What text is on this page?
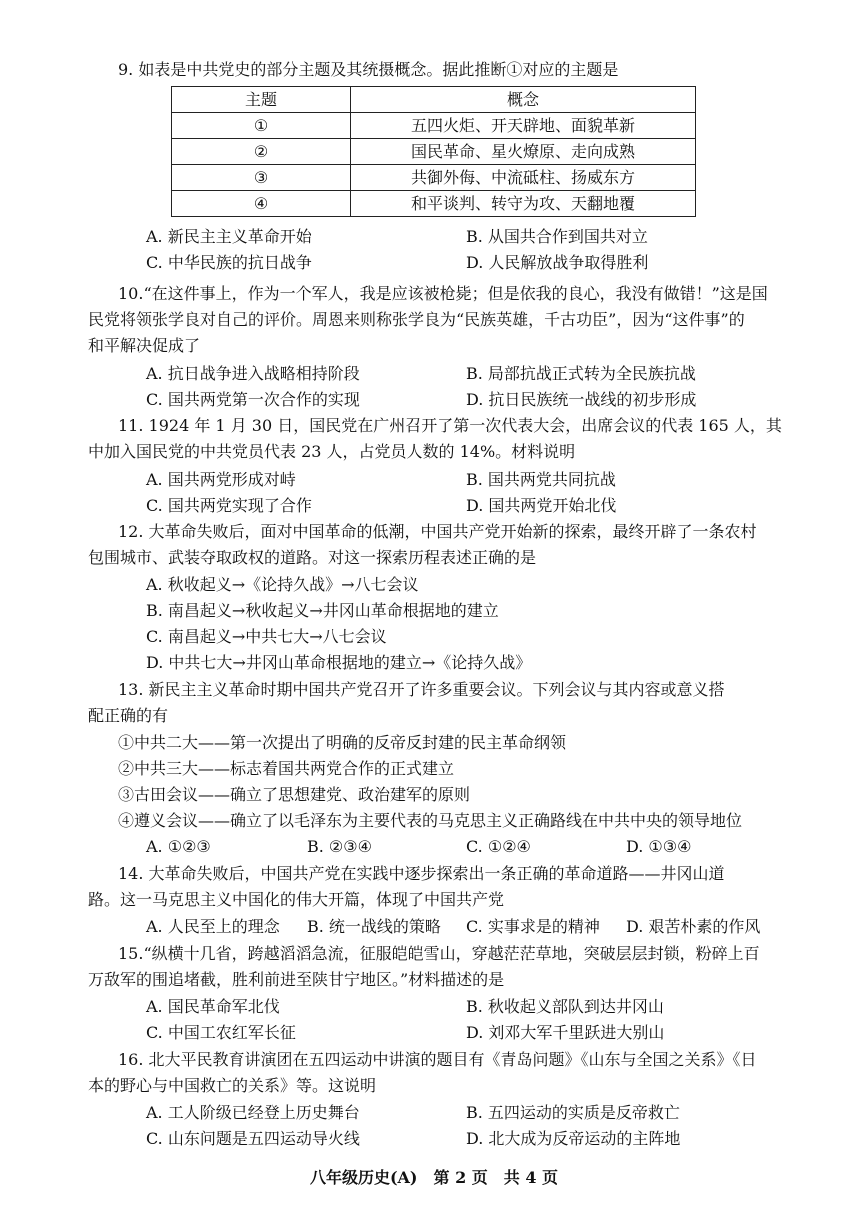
9. 如表是中共党史的部分主题及其统摄概念。据此推断①对应的主题是
主题	概念
①	五四火炬、开天辟地、面貌革新
②	国民革命、星火燎原、走向成熟
③	共御外侮、中流砥柱、扬威东方
④	和平谈判、转守为攻、天翻地覆
A. 新民主主义革命开始	B. 从国共合作到国共对立
C. 中华民族的抗日战争	D. 人民解放战争取得胜利
10.“在这件事上，作为一个军人，我是应该被枪毙；但是依我的良心，我没有做错！”这是国
民党将领张学良对自己的评价。周恩来则称张学良为“民族英雄，千古功臣”，因为“这件事”的
和平解决促成了
A. 抗日战争进入战略相持阶段	B. 局部抗战正式转为全民族抗战
C. 国共两党第一次合作的实现	D. 抗日民族统一战线的初步形成
11. 1924 年 1 月 30 日，国民党在广州召开了第一次代表大会，出席会议的代表 165 人，其
中加入国民党的中共党员代表 23 人，占党员人数的 14%。材料说明
A. 国共两党形成对峙	B. 国共两党共同抗战
C. 国共两党实现了合作	D. 国共两党开始北伐
12. 大革命失败后，面对中国革命的低潮，中国共产党开始新的探索，最终开辟了一条农村
包围城市、武装夺取政权的道路。对这一探索历程表述正确的是
A. 秋收起义→《论持久战》→八七会议
B. 南昌起义→秋收起义→井冈山革命根据地的建立
C. 南昌起义→中共七大→八七会议
D. 中共七大→井冈山革命根据地的建立→《论持久战》
13. 新民主主义革命时期中国共产党召开了许多重要会议。下列会议与其内容或意义搭
配正确的有
①中共二大——第一次提出了明确的反帝反封建的民主革命纲领
②中共三大——标志着国共两党合作的正式建立
③古田会议——确立了思想建党、政治建军的原则
④遵义会议——确立了以毛泽东为主要代表的马克思主义正确路线在中共中央的领导地位
A. ①②③	B. ②③④	C. ①②④	D. ①③④
14. 大革命失败后，中国共产党在实践中逐步探索出一条正确的革命道路——井冈山道
路。这一马克思主义中国化的伟大开篇，体现了中国共产党
A. 人民至上的理念 B. 统一战线的策略 C. 实事求是的精神 D. 艰苦朴素的作风
15.“纵横十几省，跨越滔滔急流，征服皑皑雪山，穿越茫茫草地，突破层层封锁，粉碎上百
万敌军的围追堵截，胜利前进至陕甘宁地区。”材料描述的是
A. 国民革命军北伐	B. 秋收起义部队到达井冈山
C. 中国工农红军长征	D. 刘邓大军千里跃进大别山
16. 北大平民教育讲演团在五四运动中讲演的题目有《青岛问题》《山东与全国之关系》《日
本的野心与中国救亡的关系》等。这说明
A. 工人阶级已经登上历史舞台	B. 五四运动的实质是反帝救亡
C. 山东问题是五四运动导火线	D. 北大成为反帝运动的主阵地
八年级历史(A)　第 2 页　共 4 页
